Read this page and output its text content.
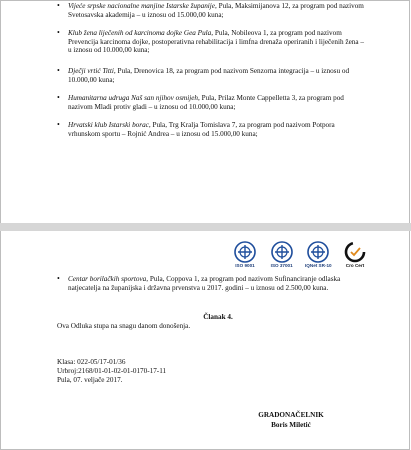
• Vijeće srpske nacionalne manjine Istarske županije, Pula, Maksimijanova 12, za program pod nazivom Svetosavska akademija – u iznosu od 15.000,00 kuna;
• Klub žena liječenih od karcinoma dojke Gea Pula, Pula, Nobileova 1, za program pod nazivom Prevencija karcinoma dojke, postoperativna rehabilitacija i limfna drenaža operiranih i liječenih žena – u iznosu od 10.000,00 kuna;
• Dječji vrtić Titti, Pula, Drenovica 18, za program pod nazivom Senzorna integracija – u iznosu od 10.000,00 kuna;
• Humanitarna udruga Naš san njihov osmijeh, Pula, Prilaz Monte Cappelletta 3, za program pod nazivom Mladi protiv gladi – u iznosu od 10.000,00 kuna;
• Hrvatski klub Istarski borac, Pula, Trg Kralja Tomislava 7, za program pod nazivom Potpora vrhunskom sportu – Rojnić Andrea – u iznosu od 15.000,00 kuna;
ISO 9001	ISO 37001	IQNet SR-10	Cro Cert
• Centar borilačkih sportova, Pula, Coppova 1, za program pod nazivom Sufinanciranje odlaska natjecatelja na županijska i državna prvenstva u 2017. godini – u iznosu od 2.500,00 kuna.
Članak 4.
Ova Odluka stupa na snagu danom donošenja.
Klasa: 022-05/17-01/36
Urbroj:2168/01-01-02-01-0170-17-11
Pula, 07. veljače 2017.
GRADONAČELNIK
Boris Miletić
